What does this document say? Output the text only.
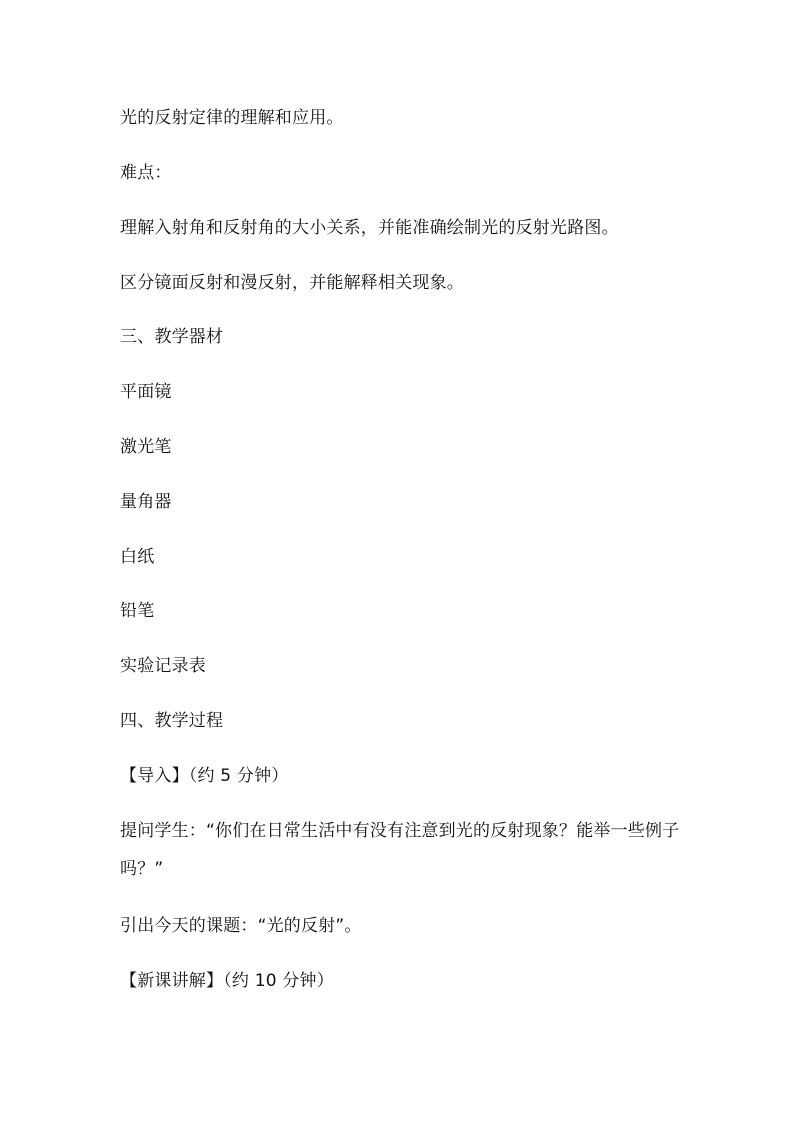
光的反射定律的理解和应用。

难点：

理解入射角和反射角的大小关系，并能准确绘制光的反射光路图。

区分镜面反射和漫反射，并能解释相关现象。

三、教学器材

平面镜

激光笔

量角器

白纸

铅笔

实验记录表

四、教学过程

【导入】（约 5 分钟）

提问学生：“你们在日常生活中有没有注意到光的反射现象？能举一些例子吗？”

引出今天的课题：“光的反射”。

【新课讲解】（约 10 分钟）
